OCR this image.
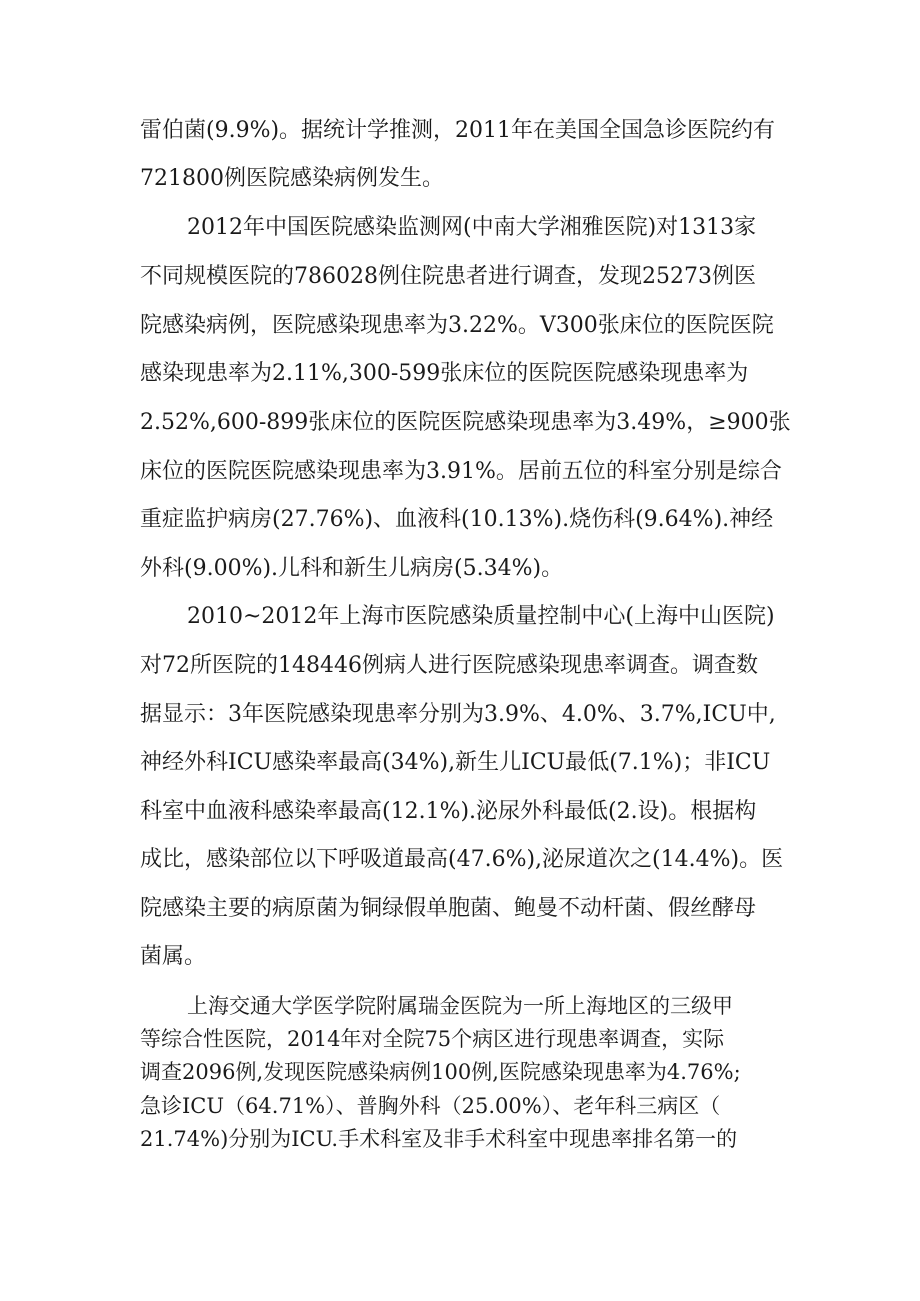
雷伯菌(9.9%)。据统计学推测，2011年在美国全国急诊医院约有
721800例医院感染病例发生。
2012年中国医院感染监测网(中南大学湘雅医院)对1313家
不同规模医院的786028例住院患者进行调查，发现25273例医
院感染病例，医院感染现患率为3.22%。V300张床位的医院医院
感染现患率为2.11%,300-599张床位的医院医院感染现患率为
2.52%,600-899张床位的医院医院感染现患率为3.49%，≥900张
床位的医院医院感染现患率为3.91%。居前五位的科室分别是综合
重症监护病房(27.76%)、血液科(10.13%).烧伤科(9.64%).神经
外科(9.00%).儿科和新生儿病房(5.34%)。
2010~2012年上海市医院感染质量控制中心(上海中山医院)
对72所医院的148446例病人进行医院感染现患率调查。调查数
据显示：3年医院感染现患率分别为3.9%、4.0%、3.7%,ICU中,
神经外科ICU感染率最高(34%),新生儿ICU最低(7.1%)；非ICU
科室中血液科感染率最高(12.1%).泌尿外科最低(2.设)。根据构
成比，感染部位以下呼吸道最高(47.6%),泌尿道次之(14.4%)。医
院感染主要的病原菌为铜绿假单胞菌、鲍曼不动杆菌、假丝酵母
菌属。
上海交通大学医学院附属瑞金医院为一所上海地区的三级甲
等综合性医院，2014年对全院75个病区进行现患率调查，实际
调查2096例,发现医院感染病例100例,医院感染现患率为4.76%;
急诊ICU（64.71%）、普胸外科（25.00%）、老年科三病区（
21.74%)分别为ICU.手术科室及非手术科室中现患率排名第一的
